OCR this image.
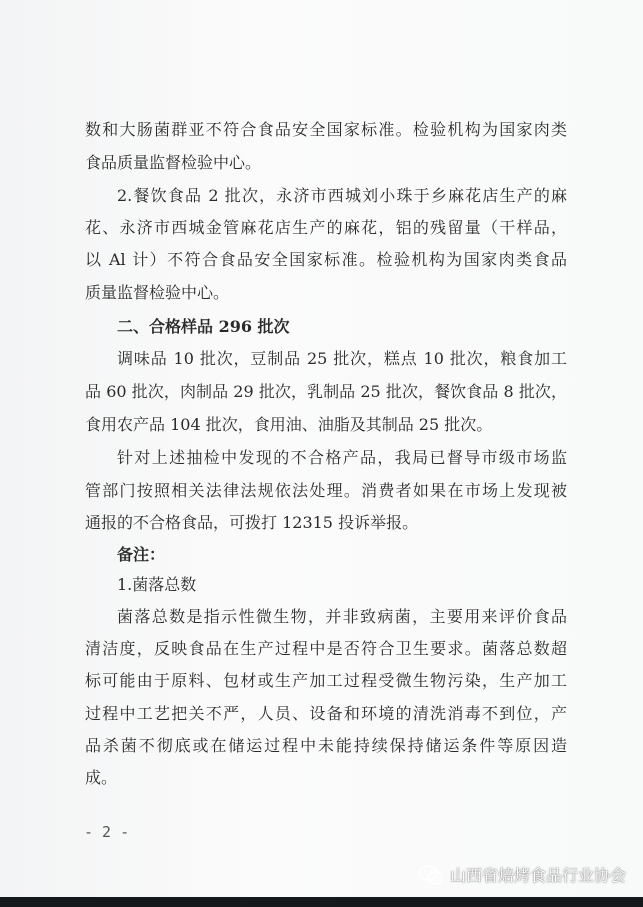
数和大肠菌群亚不符合食品安全国家标准。检验机构为国家肉类
食品质量监督检验中心。
2.餐饮食品 2 批次，永济市西城刘小珠于乡麻花店生产的麻
花、永济市西城金管麻花店生产的麻花，铝的残留量（干样品，
以 Al 计）不符合食品安全国家标准。检验机构为国家肉类食品
质量监督检验中心。
二、合格样品 296 批次
调味品 10 批次，豆制品 25 批次，糕点 10 批次，粮食加工
品 60 批次，肉制品 29 批次，乳制品 25 批次，餐饮食品 8 批次，
食用农产品 104 批次，食用油、油脂及其制品 25 批次。
针对上述抽检中发现的不合格产品，我局已督导市级市场监
管部门按照相关法律法规依法处理。消费者如果在市场上发现被
通报的不合格食品，可拨打 12315 投诉举报。
备注：
1.菌落总数
菌落总数是指示性微生物，并非致病菌，主要用来评价食品
清洁度，反映食品在生产过程中是否符合卫生要求。菌落总数超
标可能由于原料、包材或生产加工过程受微生物污染，生产加工
过程中工艺把关不严，人员、设备和环境的清洗消毒不到位，产
品杀菌不彻底或在储运过程中未能持续保持储运条件等原因造
成。
- 2 -
山西省焙烤食品行业协会
